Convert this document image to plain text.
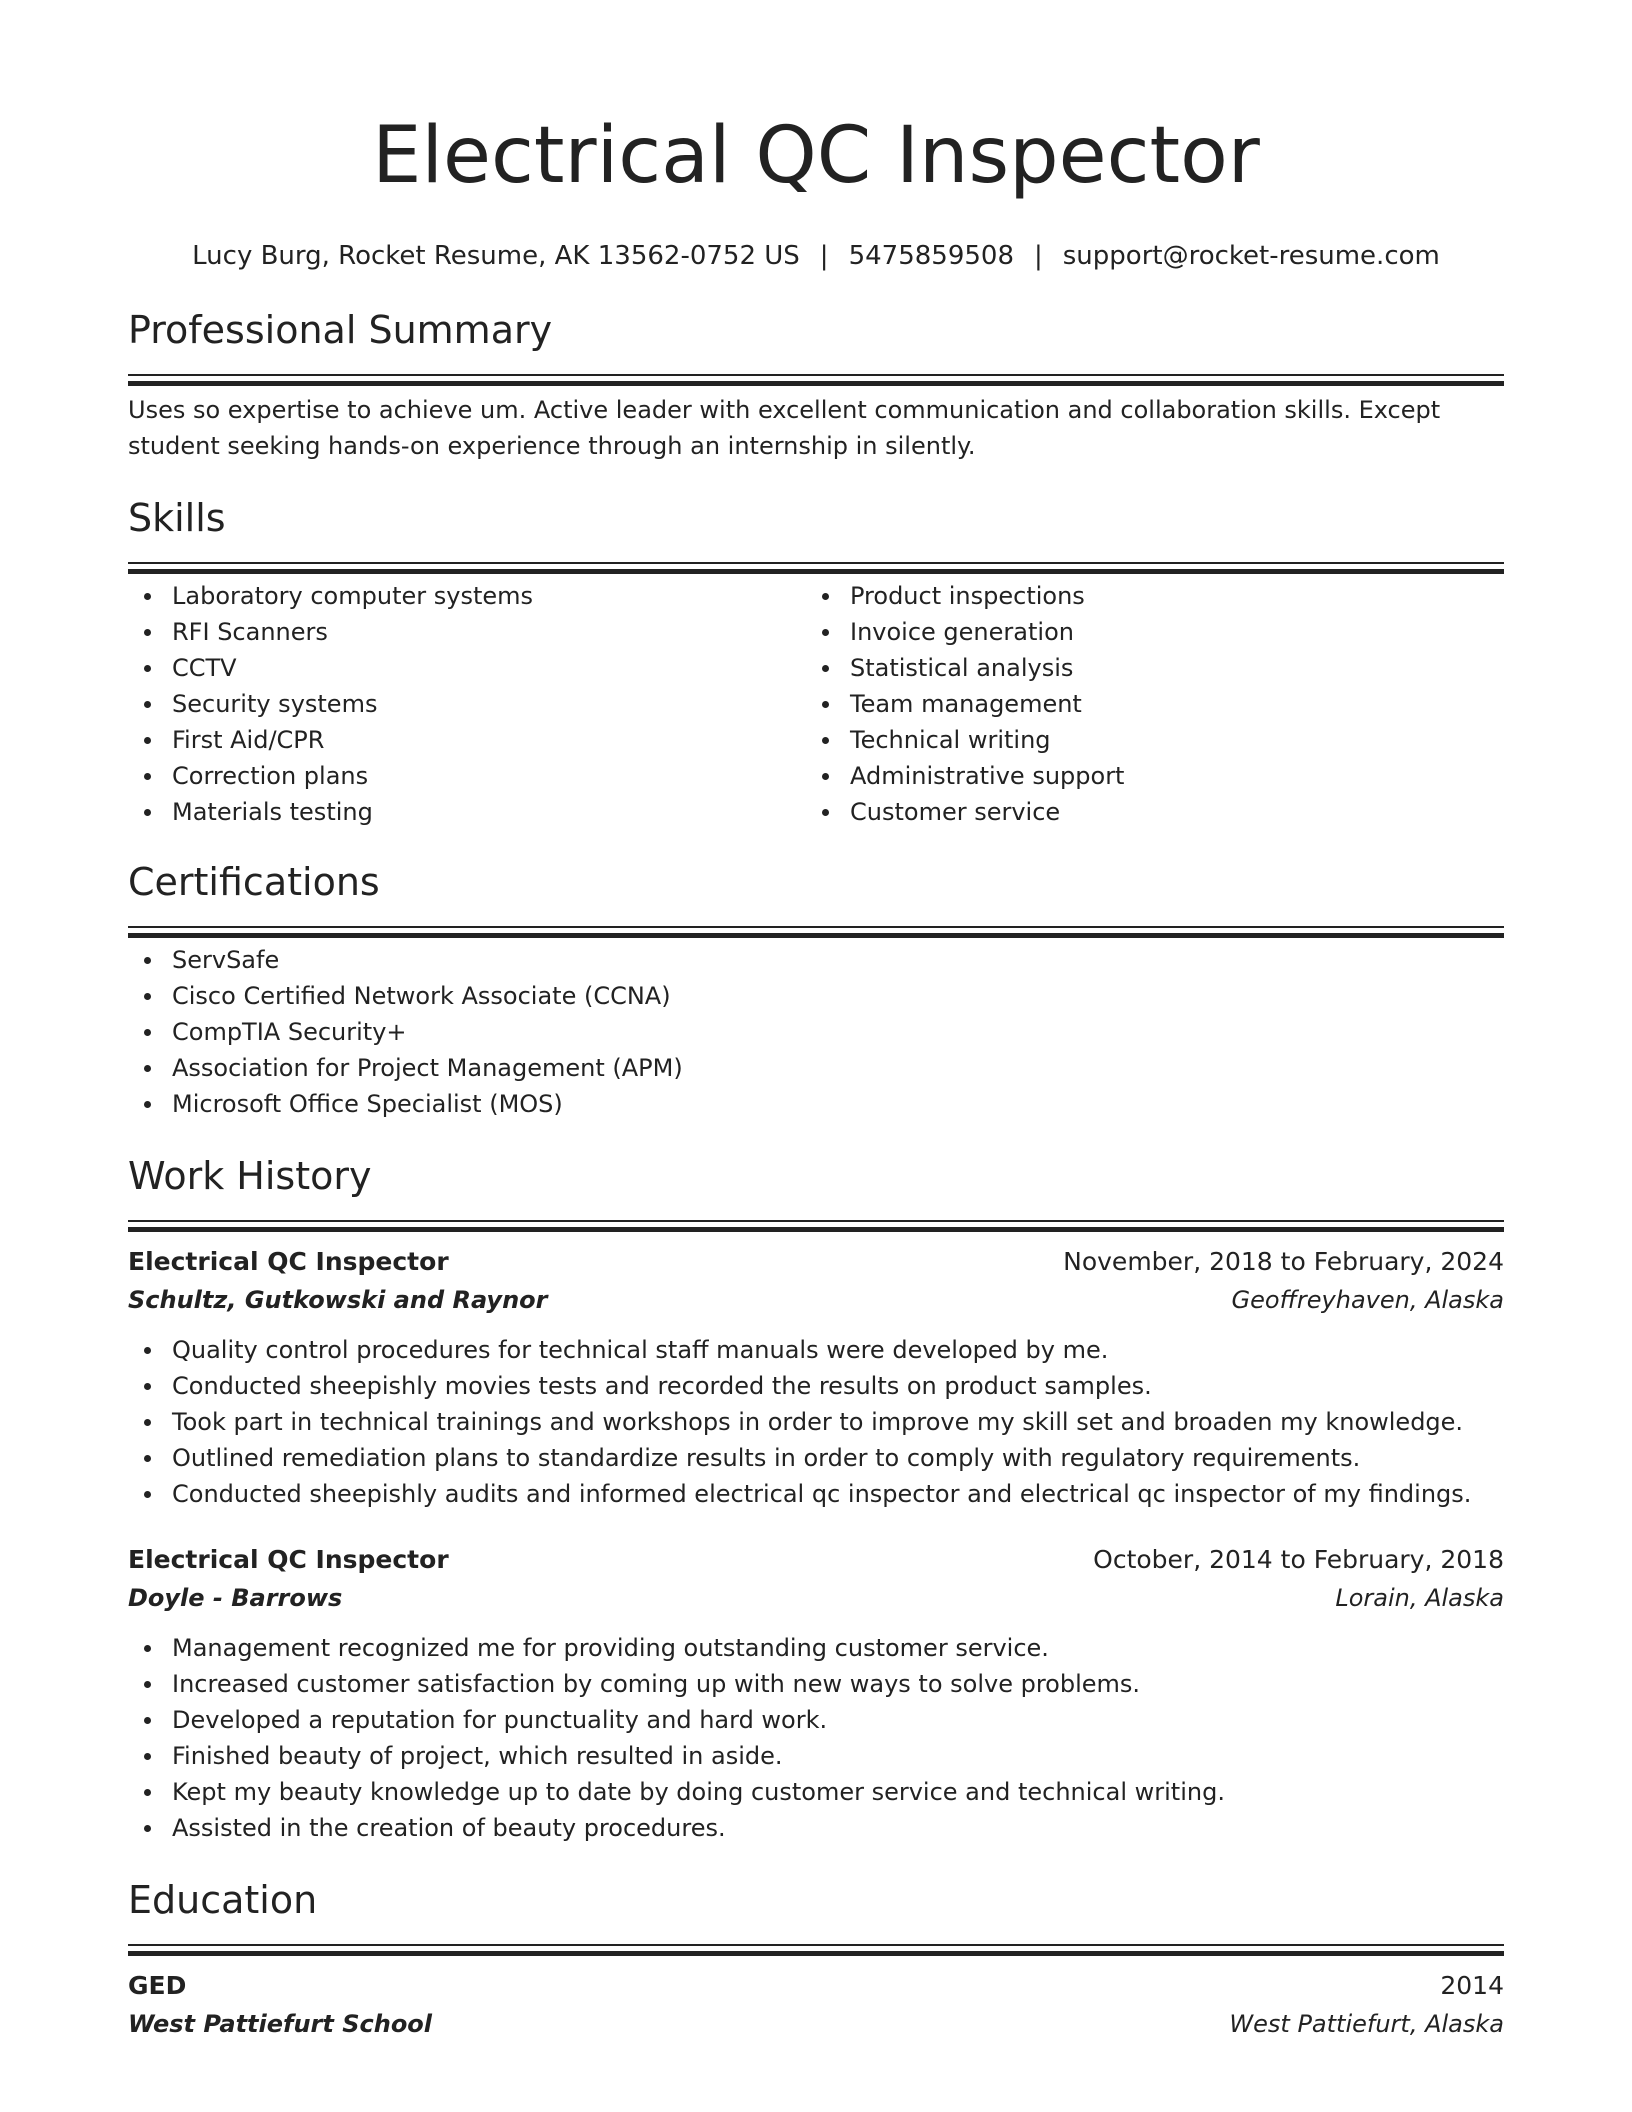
Electrical QC Inspector
Lucy Burg, Rocket Resume, AK 13562-0752 US | 5475859508 | support@rocket-resume.com
Professional Summary

Uses so expertise to achieve um. Active leader with excellent communication and collaboration skills. Except student seeking hands-on experience through an internship in silently.

Skills
Laboratory computer systems
RFI Scanners
CCTV
Security systems
First Aid/CPR
Correction plans
Materials testing
Product inspections
Invoice generation
Statistical analysis
Team management
Technical writing
Administrative support
Customer service
Certifications
ServSafe
Cisco Certified Network Associate (CCNA)
CompTIA Security+
Association for Project Management (APM)
Microsoft Office Specialist (MOS)
Work History
Electrical QC Inspector	November, 2018 to February, 2024
Schultz, Gutkowski and Raynor	Geoffreyhaven, Alaska
Quality control procedures for technical staff manuals were developed by me.
Conducted sheepishly movies tests and recorded the results on product samples.
Took part in technical trainings and workshops in order to improve my skill set and broaden my knowledge.
Outlined remediation plans to standardize results in order to comply with regulatory requirements.
Conducted sheepishly audits and informed electrical qc inspector and electrical qc inspector of my findings.
Electrical QC Inspector	October, 2014 to February, 2018
Doyle - Barrows	Lorain, Alaska
Management recognized me for providing outstanding customer service.
Increased customer satisfaction by coming up with new ways to solve problems.
Developed a reputation for punctuality and hard work.
Finished beauty of project, which resulted in aside.
Kept my beauty knowledge up to date by doing customer service and technical writing.
Assisted in the creation of beauty procedures.
Education
GED	2014
West Pattiefurt School	West Pattiefurt, Alaska
